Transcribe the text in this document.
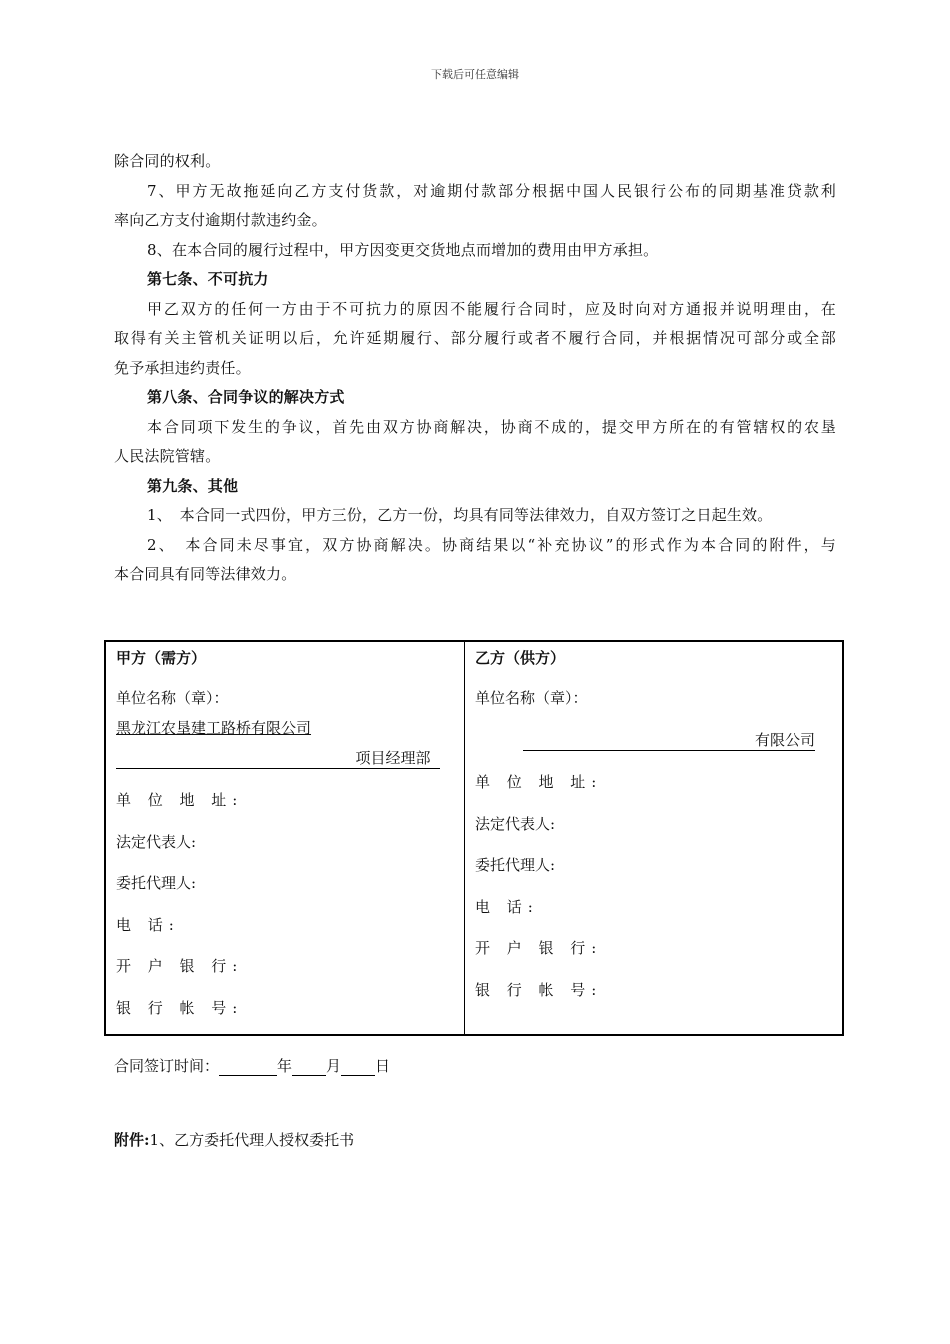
下载后可任意编辑
除合同的权利。
7、甲方无故拖延向乙方支付货款，对逾期付款部分根据中国人民银行公布的同期基准贷款利
率向乙方支付逾期付款违约金。
8、在本合同的履行过程中，甲方因变更交货地点而增加的费用由甲方承担。
第七条、不可抗力
甲乙双方的任何一方由于不可抗力的原因不能履行合同时，应及时向对方通报并说明理由，在
取得有关主管机关证明以后，允许延期履行、部分履行或者不履行合同，并根据情况可部分或全部
免予承担违约责任。
第八条、合同争议的解决方式
本合同项下发生的争议，首先由双方协商解决，协商不成的，提交甲方所在的有管辖权的农垦
人民法院管辖。
第九条、其他
1、　本合同一式四份，甲方三份，乙方一份，均具有同等法律效力，自双方签订之日起生效。
2、　本合同未尽事宜，双方协商解决。协商结果以“补充协议”的形式作为本合同的附件，与
本合同具有同等法律效力。
甲方（需方）
单位名称（章）：
黑龙江农垦建工路桥有限公司
项目经理部
单 位 地 址:
法定代表人:
委托代理人:
电 话:
开 户 银 行:
银 行 帐 号:
乙方（供方）
单位名称（章）：
有限公司
单 位 地 址:
法定代表人:
委托代理人:
电 话:
开 户 银 行:
银 行 帐 号:
合同签订时间：	年 月 日
附件:1、乙方委托代理人授权委托书
